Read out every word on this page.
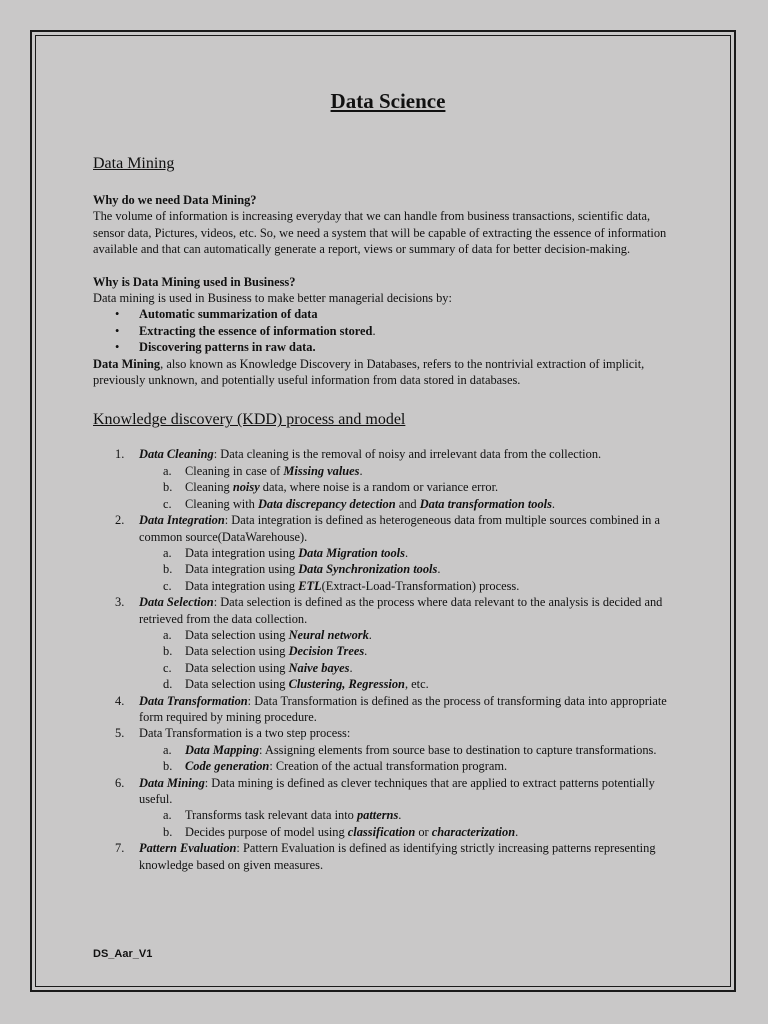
Data Science
Data Mining
Why do we need Data Mining?

The volume of information is increasing everyday that we can handle from business transactions, scientific data, sensor data, Pictures, videos, etc. So, we need a system that will be capable of extracting the essence of information available and that can automatically generate a report, views or summary of data for better decision-making.

Why is Data Mining used in Business?

Data mining is used in Business to make better managerial decisions by:

• Automatic summarization of data
• Extracting the essence of information stored.
• Discovering patterns in raw data.

Data Mining, also known as Knowledge Discovery in Databases, refers to the nontrivial extraction of implicit, previously unknown, and potentially useful information from data stored in databases.

Knowledge discovery (KDD) process and model
1. Data Cleaning: Data cleaning is the removal of noisy and irrelevant data from the collection.
a. Cleaning in case of Missing values.
b. Cleaning noisy data, where noise is a random or variance error.
c. Cleaning with Data discrepancy detection and Data transformation tools.
2. Data Integration: Data integration is defined as heterogeneous data from multiple sources combined in a common source(DataWarehouse).
a. Data integration using Data Migration tools.
b. Data integration using Data Synchronization tools.
c. Data integration using ETL(Extract-Load-Transformation) process.
3. Data Selection: Data selection is defined as the process where data relevant to the analysis is decided and retrieved from the data collection.
a. Data selection using Neural network.
b. Data selection using Decision Trees.
c. Data selection using Naive bayes.
d. Data selection using Clustering, Regression, etc.
4. Data Transformation: Data Transformation is defined as the process of transforming data into appropriate form required by mining procedure.
5. Data Transformation is a two step process:
a. Data Mapping: Assigning elements from source base to destination to capture transformations.
b. Code generation: Creation of the actual transformation program.
6. Data Mining: Data mining is defined as clever techniques that are applied to extract patterns potentially useful.
a. Transforms task relevant data into patterns.
b. Decides purpose of model using classification or characterization.
7. Pattern Evaluation: Pattern Evaluation is defined as identifying strictly increasing patterns representing knowledge based on given measures.
DS_Aar_V1
